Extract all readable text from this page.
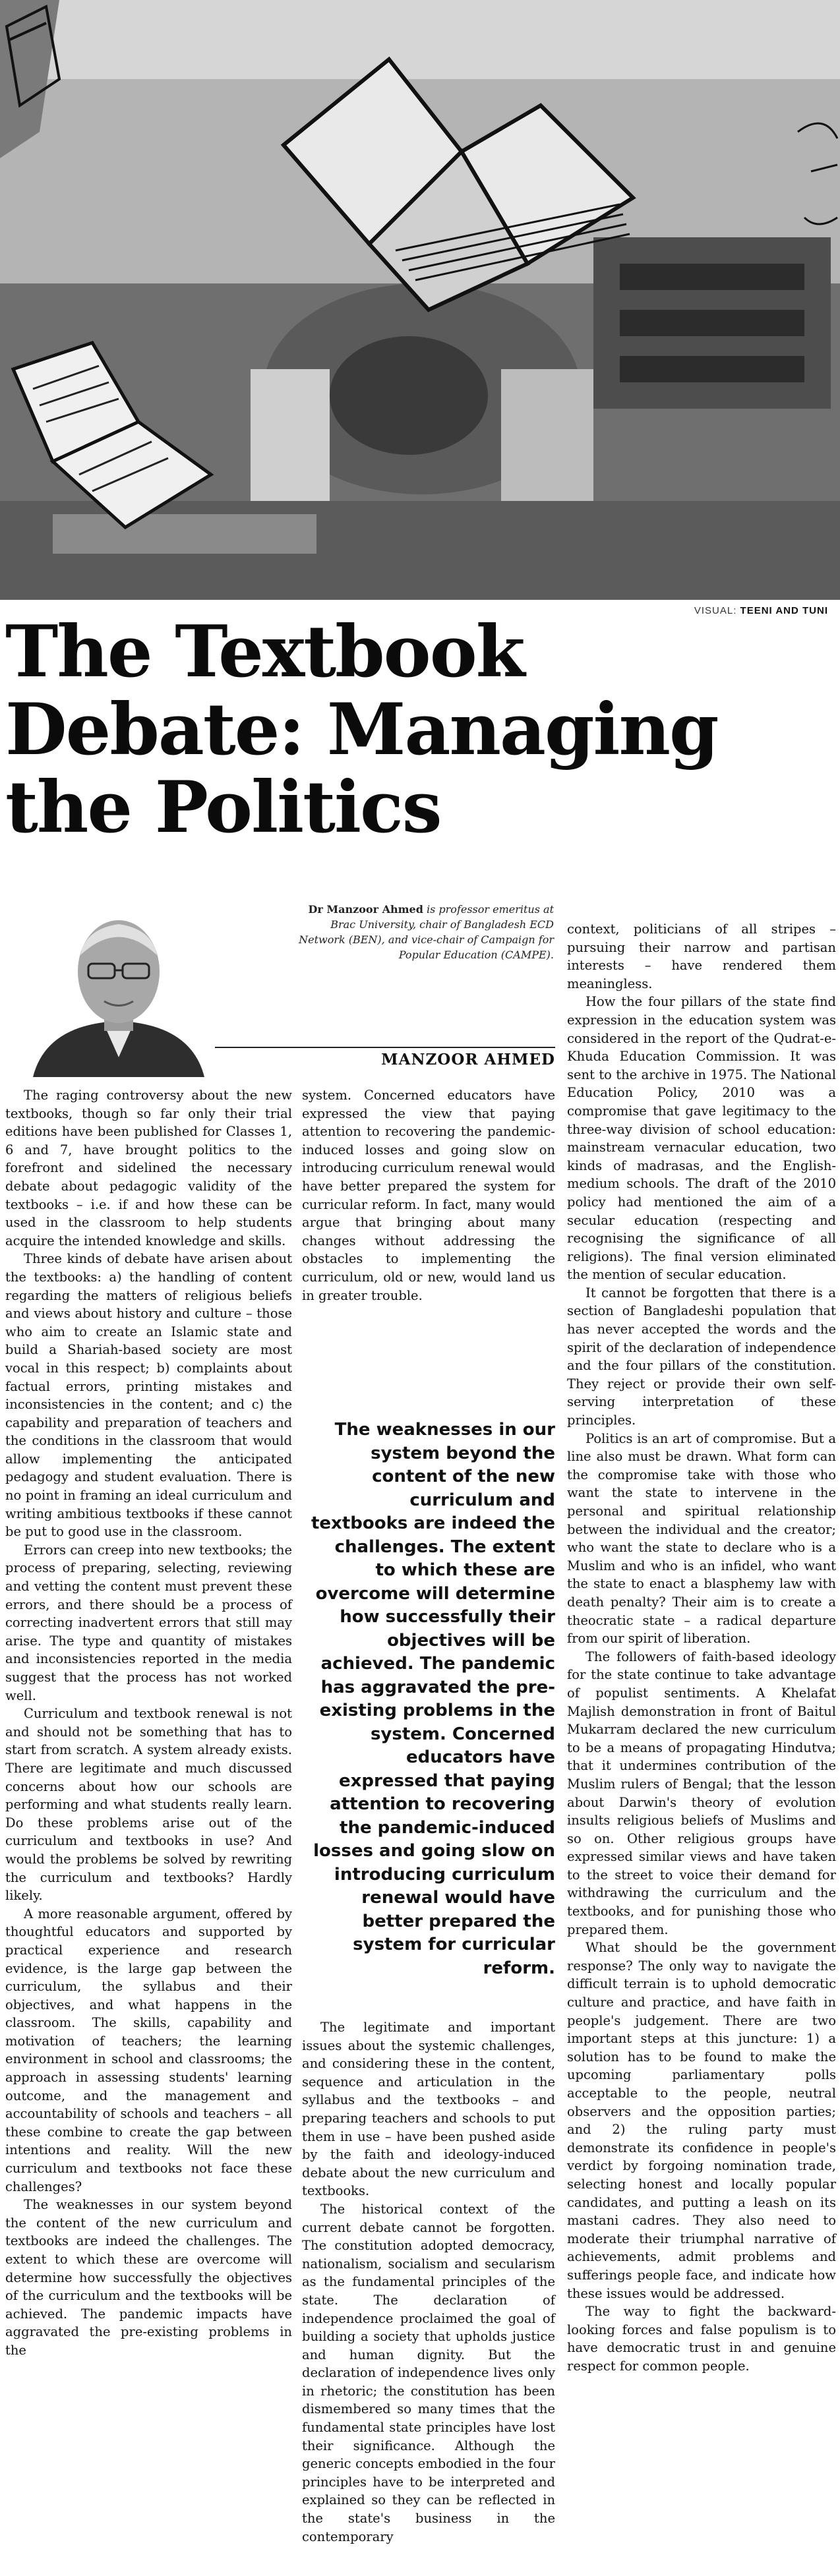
VISUAL: TEENI AND TUNI
The Textbook Debate: Managing the Politics
Dr Manzoor Ahmed is professor emeritus at Brac University, chair of Bangladesh ECD Network (BEN), and vice-chair of Campaign for Popular Education (CAMPE).
MANZOOR AHMED

The raging controversy about the new textbooks, though so far only their trial editions have been published for Classes 1, 6 and 7, have brought politics to the forefront and sidelined the necessary debate about pedagogic validity of the textbooks – i.e. if and how these can be used in the classroom to help students acquire the intended knowledge and skills.

Three kinds of debate have arisen about the textbooks: a) the handling of content regarding the matters of religious beliefs and views about history and culture – those who aim to create an Islamic state and build a Shariah-based society are most vocal in this respect; b) complaints about factual errors, printing mistakes and inconsistencies in the content; and c) the capability and preparation of teachers and the conditions in the classroom that would allow implementing the anticipated pedagogy and student evaluation. There is no point in framing an ideal curriculum and writing ambitious textbooks if these cannot be put to good use in the classroom.

Errors can creep into new textbooks; the process of preparing, selecting, reviewing and vetting the content must prevent these errors, and there should be a process of correcting inadvertent errors that still may arise. The type and quantity of mistakes and inconsistencies reported in the media suggest that the process has not worked well.

Curriculum and textbook renewal is not and should not be something that has to start from scratch. A system already exists. There are legitimate and much discussed concerns about how our schools are performing and what students really learn. Do these problems arise out of the curriculum and textbooks in use? And would the problems be solved by rewriting the curriculum and textbooks? Hardly likely.

A more reasonable argument, offered by thoughtful educators and supported by practical experience and research evidence, is the large gap between the curriculum, the syllabus and their objectives, and what happens in the classroom. The skills, capability and motivation of teachers; the learning environment in school and classrooms; the approach in assessing students' learning outcome, and the management and accountability of schools and teachers – all these combine to create the gap between intentions and reality. Will the new curriculum and textbooks not face these challenges?

The weaknesses in our system beyond the content of the new curriculum and textbooks are indeed the challenges. The extent to which these are overcome will determine how successfully the objectives of the curriculum and the textbooks will be achieved. The pandemic impacts have aggravated the pre-existing problems in the

system. Concerned educators have expressed the view that paying attention to recovering the pandemic-induced losses and going slow on introducing curriculum renewal would have better prepared the system for curricular reform. In fact, many would argue that bringing about many changes without addressing the obstacles to implementing the curriculum, old or new, would land us in greater trouble.

The weaknesses in our system beyond the content of the new curriculum and textbooks are indeed the challenges. The extent to which these are overcome will determine how successfully their objectives will be achieved. The pandemic has aggravated the pre-existing problems in the system. Concerned educators have expressed that paying attention to recovering the pandemic-induced losses and going slow on introducing curriculum renewal would have better prepared the system for curricular reform.

The legitimate and important issues about the systemic challenges, and considering these in the content, sequence and articulation in the syllabus and the textbooks – and preparing teachers and schools to put them in use – have been pushed aside by the faith and ideology-induced debate about the new curriculum and textbooks.

The historical context of the current debate cannot be forgotten. The constitution adopted democracy, nationalism, socialism and secularism as the fundamental principles of the state. The declaration of independence proclaimed the goal of building a society that upholds justice and human dignity. But the declaration of independence lives only in rhetoric; the constitution has been dismembered so many times that the fundamental state principles have lost their significance. Although the generic concepts embodied in the four principles have to be interpreted and explained so they can be reflected in the state's business in the contemporary

context, politicians of all stripes – pursuing their narrow and partisan interests – have rendered them meaningless.

How the four pillars of the state find expression in the education system was considered in the report of the Qudrat-e-Khuda Education Commission. It was sent to the archive in 1975. The National Education Policy, 2010 was a compromise that gave legitimacy to the three-way division of school education: mainstream vernacular education, two kinds of madrasas, and the English-medium schools. The draft of the 2010 policy had mentioned the aim of a secular education (respecting and recognising the significance of all religions). The final version eliminated the mention of secular education.

It cannot be forgotten that there is a section of Bangladeshi population that has never accepted the words and the spirit of the declaration of independence and the four pillars of the constitution. They reject or provide their own self-serving interpretation of these principles.

Politics is an art of compromise. But a line also must be drawn. What form can the compromise take with those who want the state to intervene in the personal and spiritual relationship between the individual and the creator; who want the state to declare who is a Muslim and who is an infidel, who want the state to enact a blasphemy law with death penalty? Their aim is to create a theocratic state – a radical departure from our spirit of liberation.

The followers of faith-based ideology for the state continue to take advantage of populist sentiments. A Khelafat Majlish demonstration in front of Baitul Mukarram declared the new curriculum to be a means of propagating Hindutva; that it undermines contribution of the Muslim rulers of Bengal; that the lesson about Darwin's theory of evolution insults religious beliefs of Muslims and so on. Other religious groups have expressed similar views and have taken to the street to voice their demand for withdrawing the curriculum and the textbooks, and for punishing those who prepared them.

What should be the government response? The only way to navigate the difficult terrain is to uphold democratic culture and practice, and have faith in people's judgement. There are two important steps at this juncture: 1) a solution has to be found to make the upcoming parliamentary polls acceptable to the people, neutral observers and the opposition parties; and 2) the ruling party must demonstrate its confidence in people's verdict by forgoing nomination trade, selecting honest and locally popular candidates, and putting a leash on its mastani cadres. They also need to moderate their triumphal narrative of achievements, admit problems and sufferings people face, and indicate how these issues would be addressed.

The way to fight the backward-looking forces and false populism is to have democratic trust in and genuine respect for common people.
